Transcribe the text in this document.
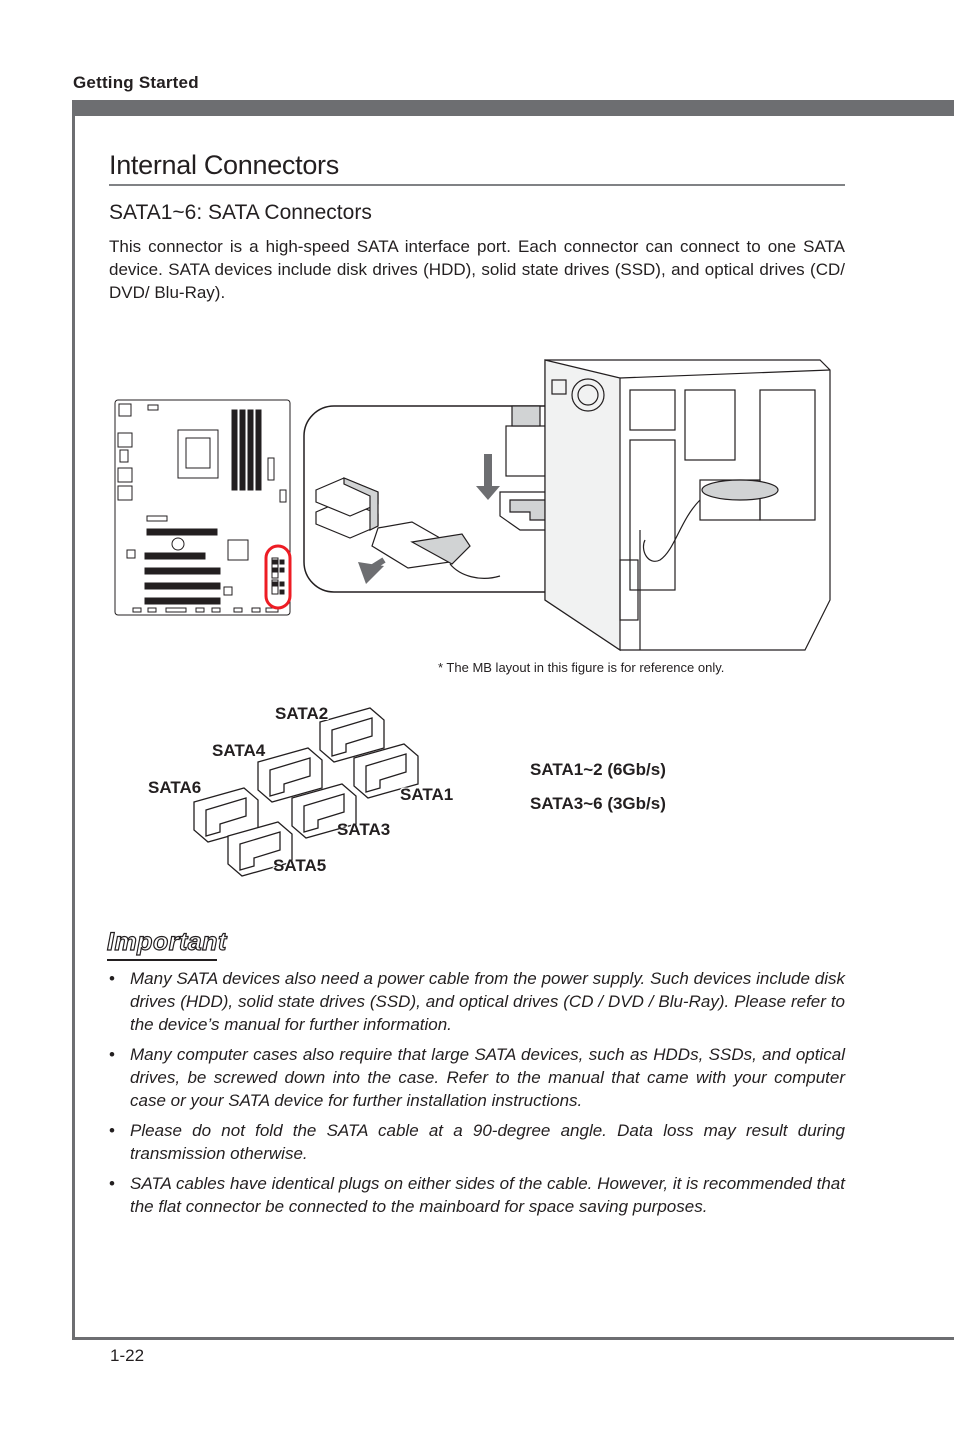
Getting Started
Internal Connectors
SATA1~6: SATA Connectors

This connector is a high-speed SATA interface port. Each connector can connect to one SATA device. SATA devices include disk drives (HDD), solid state drives (SSD), and optical drives (CD/ DVD/ Blu-Ray).

* The MB layout in this figure is for reference only.
SATA2
SATA4
SATA6	SATA1
SATA3
SATA5
SATA1~2 (6Gb/s)
SATA3~6 (3Gb/s)
Important
• Many SATA devices also need a power cable from the power supply. Such devices include disk drives (HDD), solid state drives (SSD), and optical drives (CD / DVD / Blu-Ray). Please refer to the device’s manual for further information.
• Many computer cases also require that large SATA devices, such as HDDs, SSDs, and optical drives, be screwed down into the case. Refer to the manual that came with your computer case or your SATA device for further installation instructions.
• Please do not fold the SATA cable at a 90-degree angle. Data loss may result during transmission otherwise.
• SATA cables have identical plugs on either sides of the cable. However, it is recommended that the flat connector be connected to the mainboard for space saving purposes.
1-22
